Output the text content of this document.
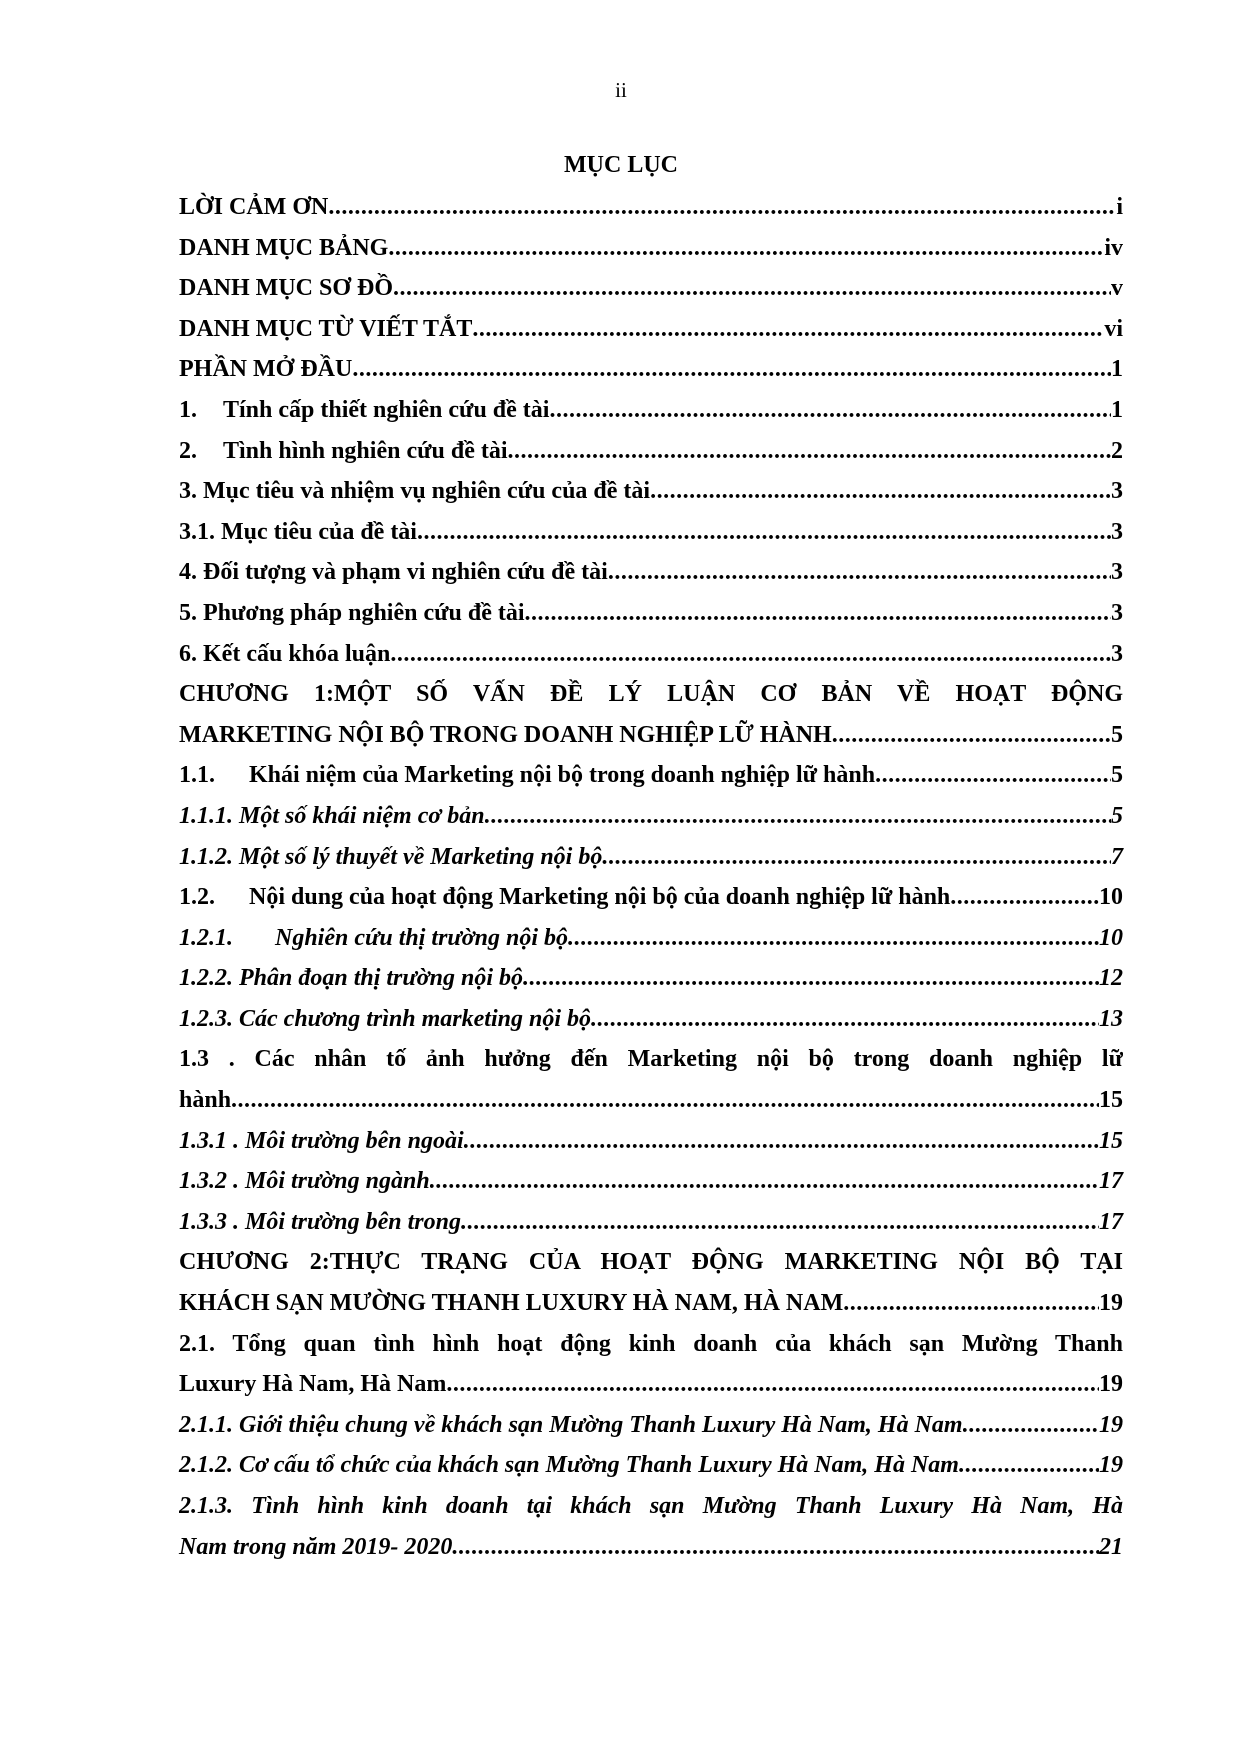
ii
MỤC LỤC
LỜI CẢM ƠN .....	i
DANH MỤC BẢNG .....	iv
DANH MỤC SƠ ĐỒ .....	v
DANH MỤC TỪ VIẾT TẮT .....	vi
PHẦN MỞ ĐẦU .....	1
1.	Tính cấp thiết nghiên cứu đề tài .....	1
2.	Tình hình nghiên cứu đề tài .....	2
3. Mục tiêu và nhiệm vụ nghiên cứu của đề tài .....	3
3.1. Mục tiêu của đề tài .....	3
4. Đối tượng và phạm vi nghiên cứu đề tài .....	3
5. Phương pháp nghiên cứu đề tài .....	3
6. Kết cấu khóa luận .....	3
CHƯƠNG 1:MỘT SỐ VẤN ĐỀ LÝ LUẬN CƠ BẢN VỀ HOẠT ĐỘNG
MARKETING NỘI BỘ TRONG DOANH NGHIỆP LỮ HÀNH .....	5
1.1.	Khái niệm của Marketing nội bộ trong doanh nghiệp lữ hành .....	5
1.1.1. Một số khái niệm cơ bản .....	5
1.1.2. Một số lý thuyết về Marketing nội bộ .....	7
1.2.	Nội dung của hoạt động Marketing nội bộ của doanh nghiệp lữ hành .....	10
1.2.1.	Nghiên cứu thị trường nội bộ .....	10
1.2.2. Phân đoạn thị trường nội bộ .....	12
1.2.3. Các chương trình marketing nội bộ .....	13
1.3 . Các nhân tố ảnh hưởng đến Marketing nội bộ trong doanh nghiệp lữ
hành .....	15
1.3.1 . Môi trường bên ngoài .....	15
1.3.2 . Môi trường ngành .....	17
1.3.3 . Môi trường bên trong .....	17
CHƯƠNG 2:THỰC TRẠNG CỦA HOẠT ĐỘNG MARKETING NỘI BỘ TẠI
KHÁCH SẠN MƯỜNG THANH LUXURY HÀ NAM, HÀ NAM .....	19
2.1. Tổng quan tình hình hoạt động kinh doanh của khách sạn Mường Thanh
Luxury Hà Nam, Hà Nam .....	19
2.1.1. Giới thiệu chung về khách sạn Mường Thanh Luxury Hà Nam, Hà Nam .....	19
2.1.2. Cơ cấu tổ chức của khách sạn Mường Thanh Luxury Hà Nam, Hà Nam .....	19
2.1.3. Tình hình kinh doanh tại khách sạn Mường Thanh Luxury Hà Nam, Hà
Nam trong năm 2019- 2020 .....	21
